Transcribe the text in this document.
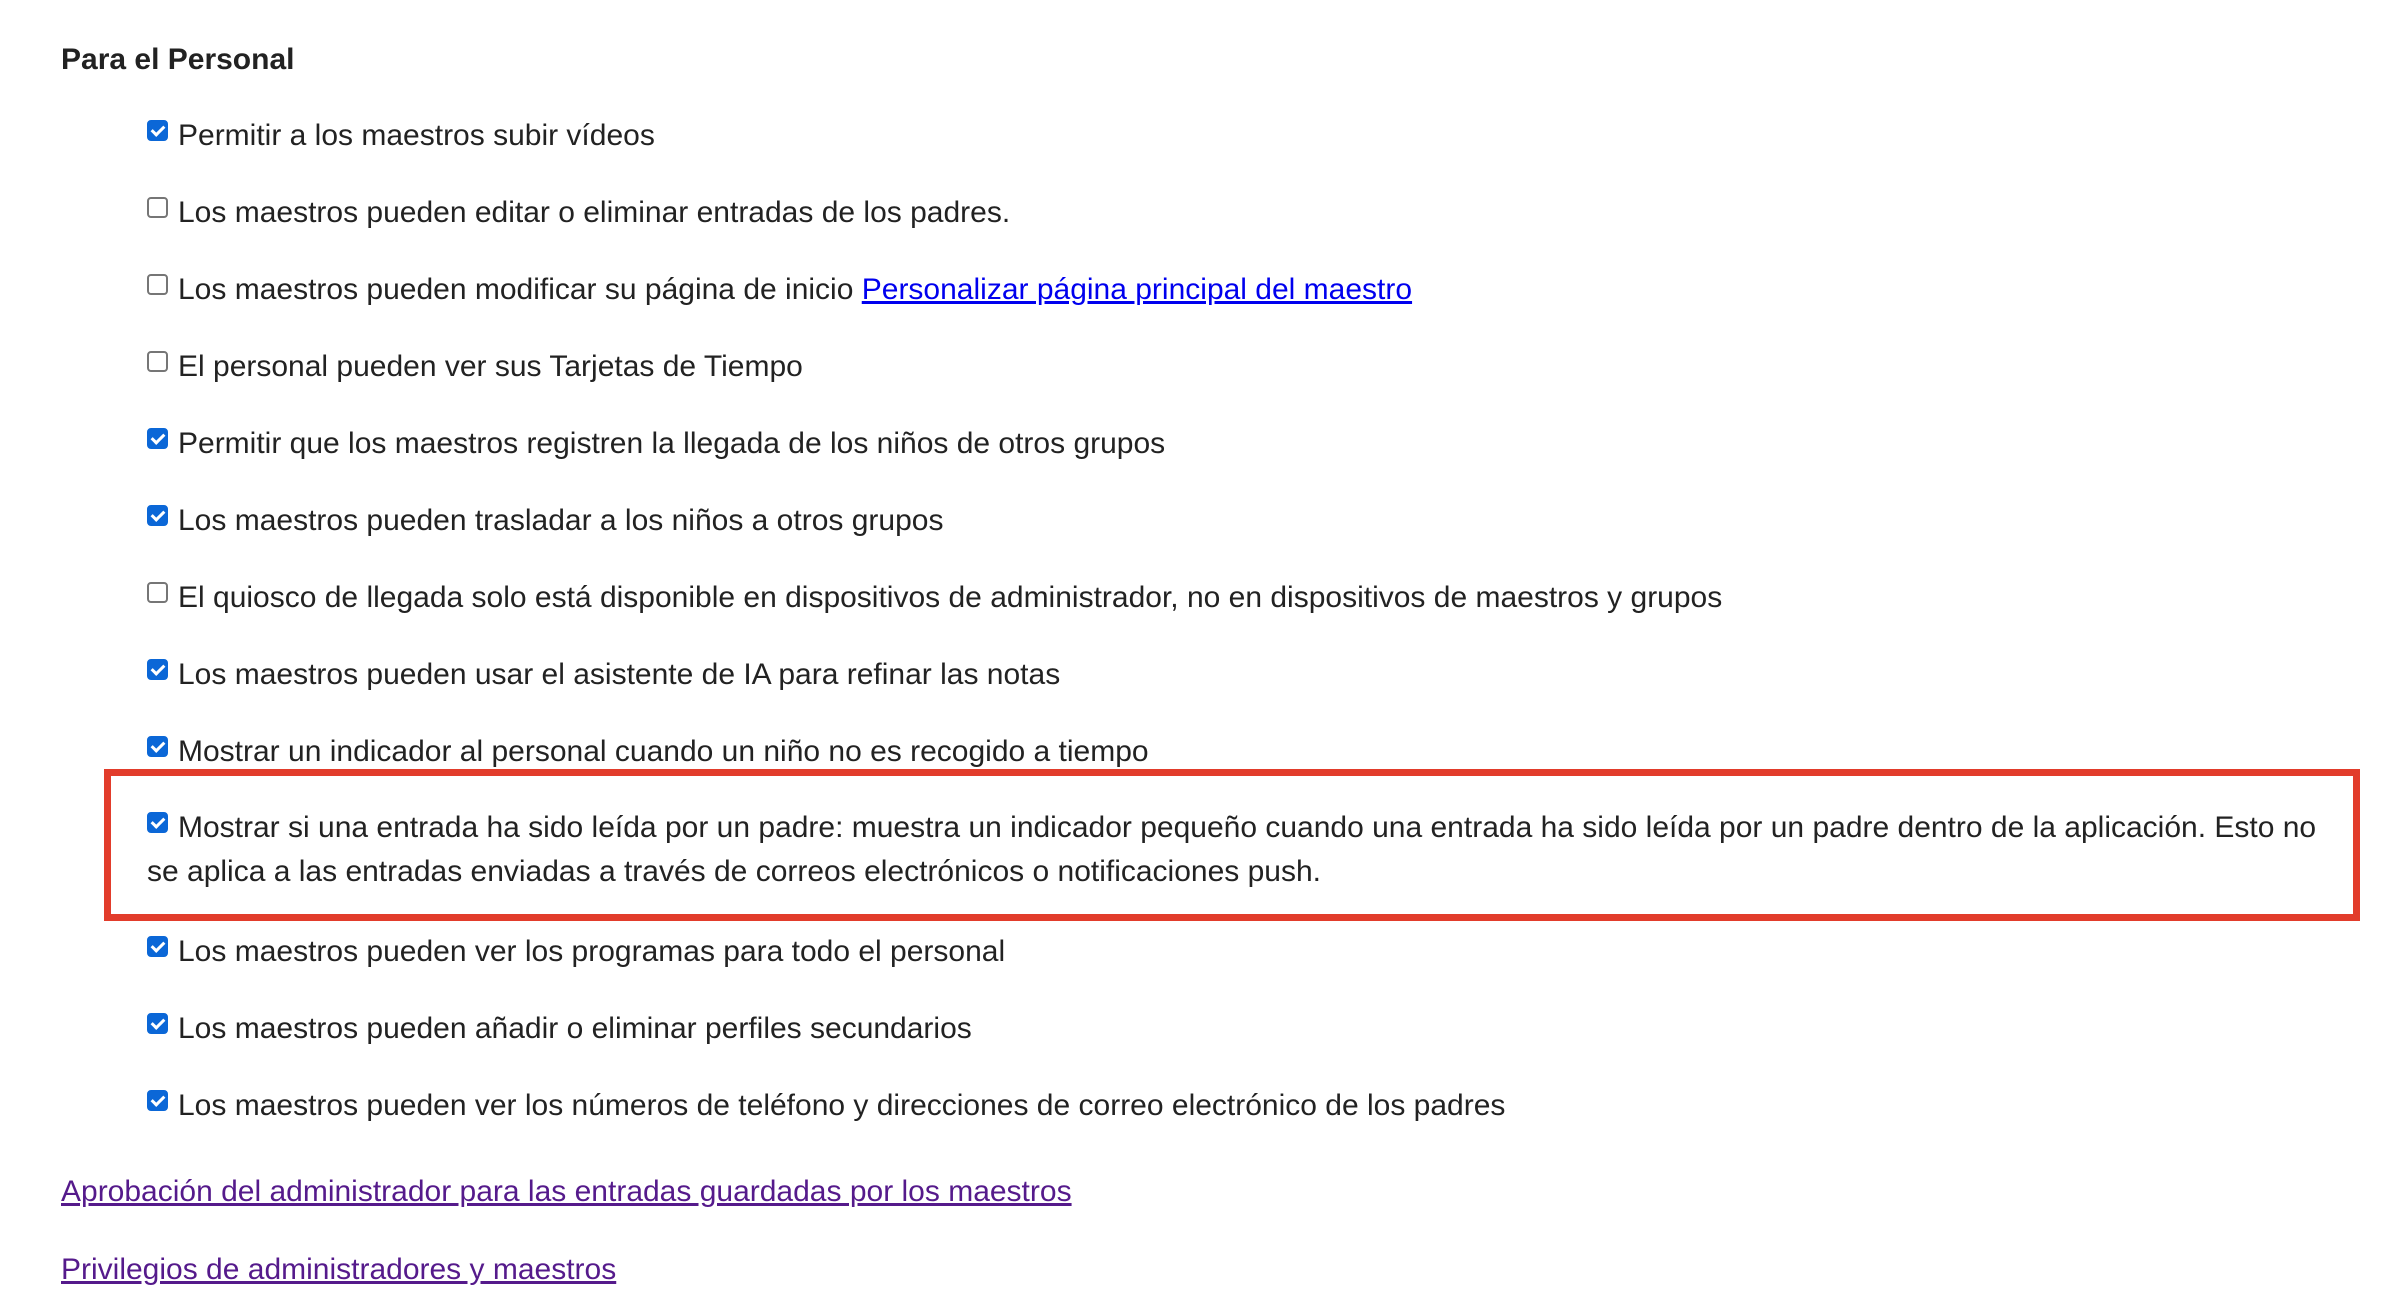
Para el Personal
Permitir a los maestros subir vídeos
Los maestros pueden editar o eliminar entradas de los padres.
Los maestros pueden modificar su página de inicio Personalizar página principal del maestro
El personal pueden ver sus Tarjetas de Tiempo
Permitir que los maestros registren la llegada de los niños de otros grupos
Los maestros pueden trasladar a los niños a otros grupos
El quiosco de llegada solo está disponible en dispositivos de administrador, no en dispositivos de maestros y grupos
Los maestros pueden usar el asistente de IA para refinar las notas
Mostrar un indicador al personal cuando un niño no es recogido a tiempo
Mostrar si una entrada ha sido leída por un padre: muestra un indicador pequeño cuando una entrada ha sido leída por un padre dentro de la aplicación. Esto no se aplica a las entradas enviadas a través de correos electrónicos o notificaciones push.
Los maestros pueden ver los programas para todo el personal
Los maestros pueden añadir o eliminar perfiles secundarios
Los maestros pueden ver los números de teléfono y direcciones de correo electrónico de los padres
Aprobación del administrador para las entradas guardadas por los maestros
Privilegios de administradores y maestros
